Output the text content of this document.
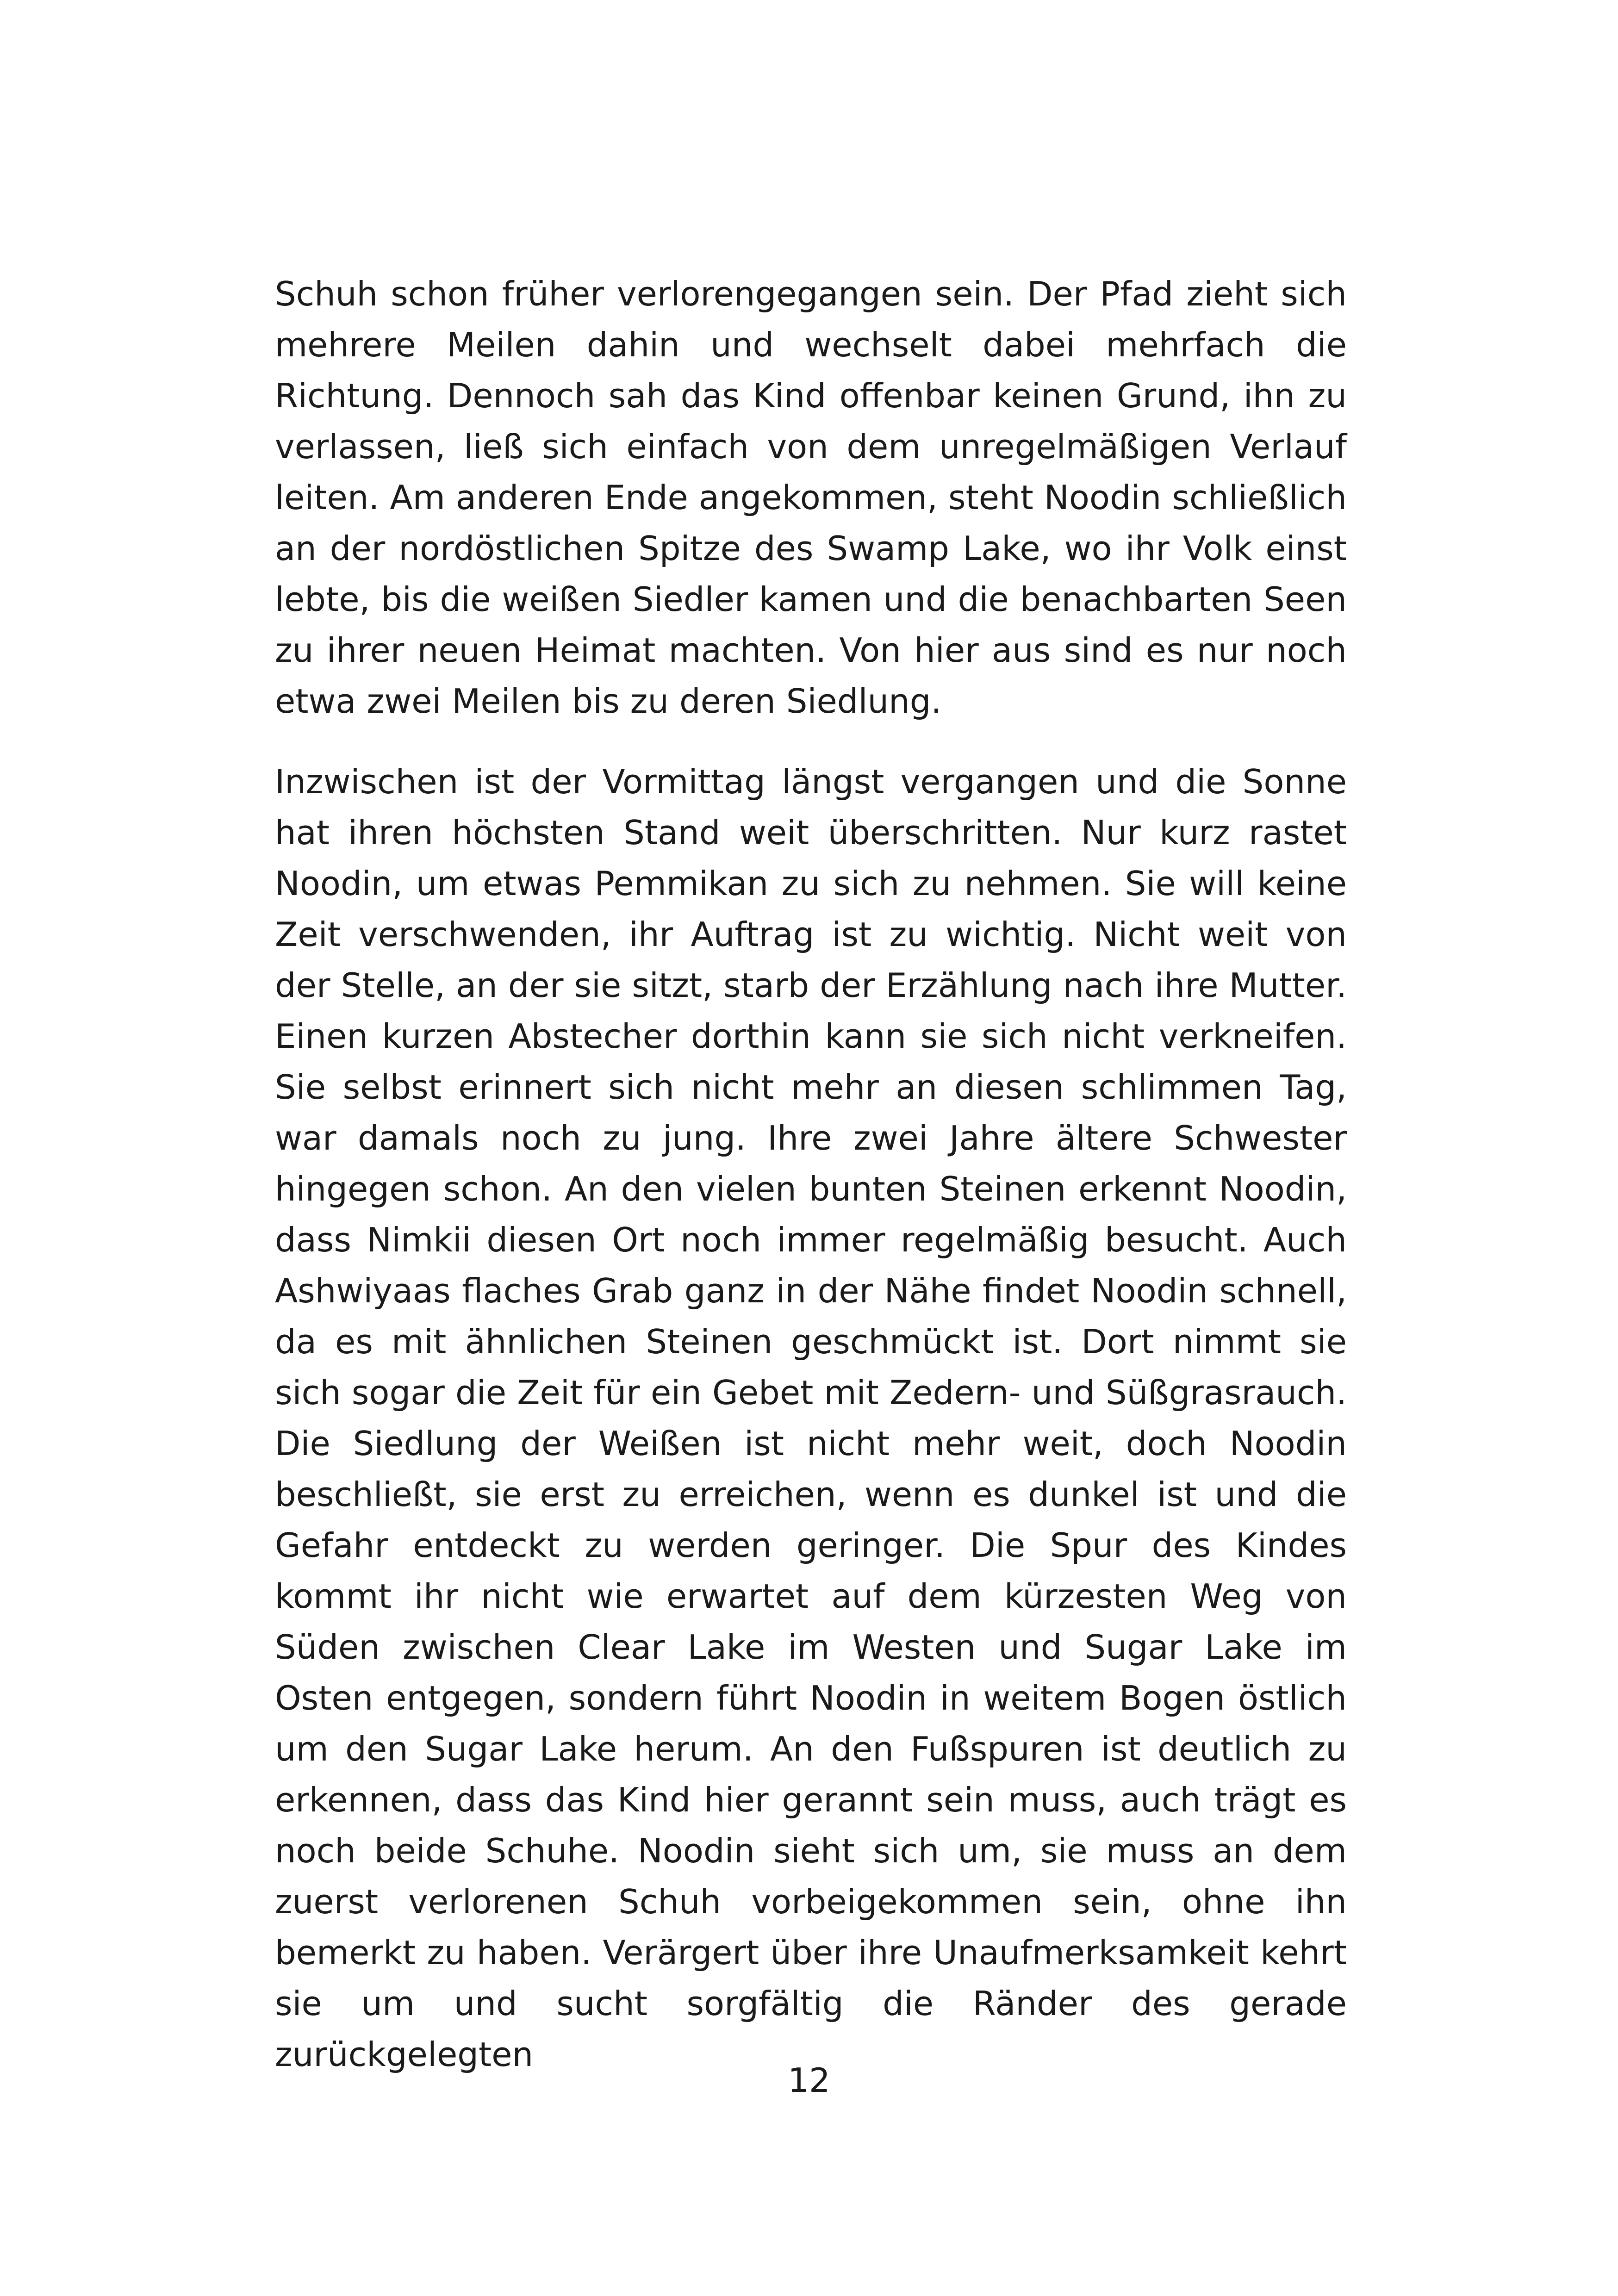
Schuh schon früher verlorengegangen sein. Der Pfad zieht sich mehrere Meilen dahin und wechselt dabei mehrfach die Richtung. Dennoch sah das Kind offenbar keinen Grund, ihn zu verlassen, ließ sich einfach von dem unregelmäßigen Verlauf leiten. Am anderen Ende angekommen, steht Noodin schließlich an der nordöstlichen Spitze des Swamp Lake, wo ihr Volk einst lebte, bis die weißen Siedler kamen und die benachbarten Seen zu ihrer neuen Heimat machten. Von hier aus sind es nur noch etwa zwei Meilen bis zu deren Siedlung.

Inzwischen ist der Vormittag längst vergangen und die Sonne hat ihren höchsten Stand weit überschritten. Nur kurz rastet Noodin, um etwas Pemmikan zu sich zu nehmen. Sie will keine Zeit verschwenden, ihr Auftrag ist zu wichtig. Nicht weit von der Stelle, an der sie sitzt, starb der Erzählung nach ihre Mutter. Einen kurzen Abstecher dorthin kann sie sich nicht verkneifen. Sie selbst erinnert sich nicht mehr an diesen schlimmen Tag, war damals noch zu jung. Ihre zwei Jahre ältere Schwester hingegen schon. An den vielen bunten Steinen erkennt Noodin, dass Nimkii diesen Ort noch immer regelmäßig besucht. Auch Ashwiyaas flaches Grab ganz in der Nähe findet Noodin schnell, da es mit ähnlichen Steinen geschmückt ist. Dort nimmt sie sich sogar die Zeit für ein Gebet mit Zedern- und Süßgrasrauch. Die Siedlung der Weißen ist nicht mehr weit, doch Noodin beschließt, sie erst zu erreichen, wenn es dunkel ist und die Gefahr entdeckt zu werden geringer. Die Spur des Kindes kommt ihr nicht wie erwartet auf dem kürzesten Weg von Süden zwischen Clear Lake im Westen und Sugar Lake im Osten entgegen, sondern führt Noodin in weitem Bogen östlich um den Sugar Lake herum. An den Fußspuren ist deutlich zu erkennen, dass das Kind hier gerannt sein muss, auch trägt es noch beide Schuhe. Noodin sieht sich um, sie muss an dem zuerst verlorenen Schuh vorbeigekommen sein, ohne ihn bemerkt zu haben. Verärgert über ihre Unaufmerksamkeit kehrt sie um und sucht sorgfältig die Ränder des gerade zurückgelegten

12
